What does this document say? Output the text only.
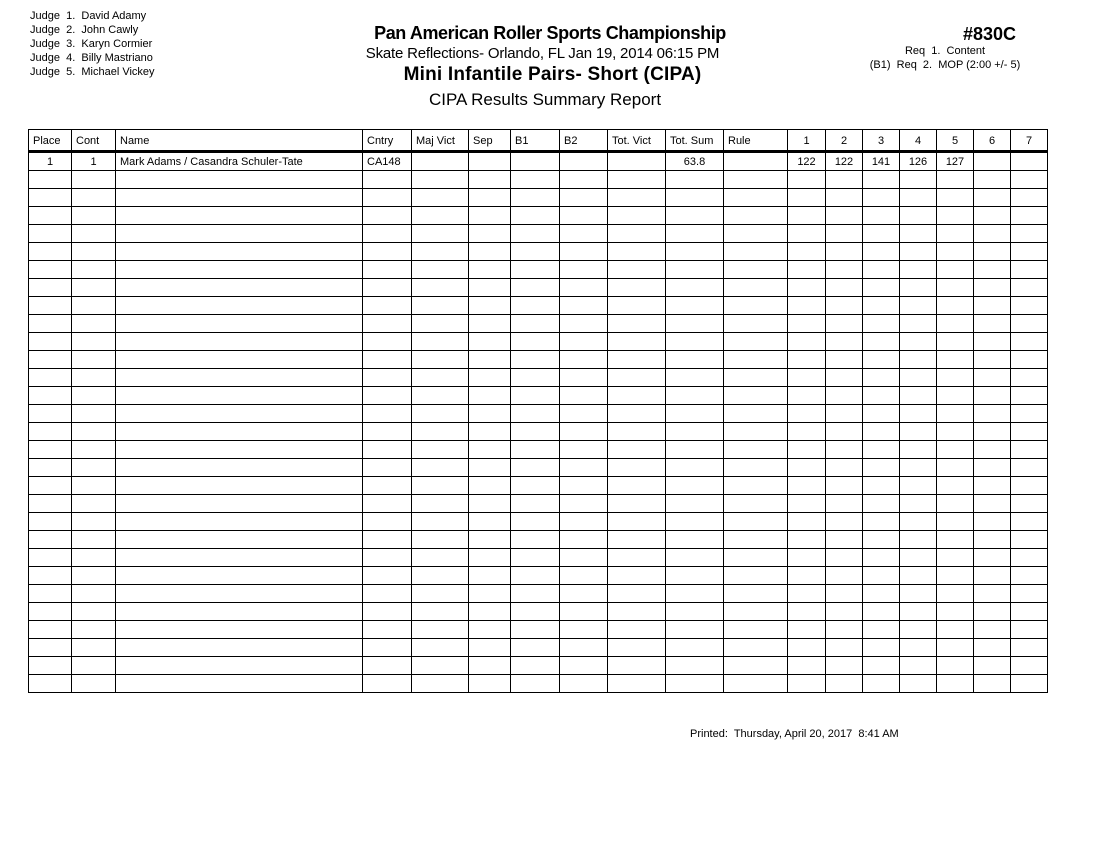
Judge  1.  David Adamy
Judge  2.  John Cawly
Judge  3.  Karyn Cormier
Judge  4.  Billy Mastriano
Judge  5.  Michael Vickey
Pan American Roller Sports Championship
Skate Reflections- Orlando, FL Jan 19, 2014 06:15 PM
Mini Infantile Pairs- Short (CIPA)
CIPA Results Summary Report
#830C
Req  1.  Content
(B1)  Req  2.  MOP (2:00 +/- 5)
Place	Cont	Name	Cntry	Maj Vict	Sep	B1	B2	Tot. Vict	Tot. Sum	Rule	1	2	3	4	5	6	7
1	1	Mark Adams / Casandra Schuler-Tate	CA148						63.8		122	122	141	126	127		

Printed:  Thursday, April 20, 2017  8:41 AM
